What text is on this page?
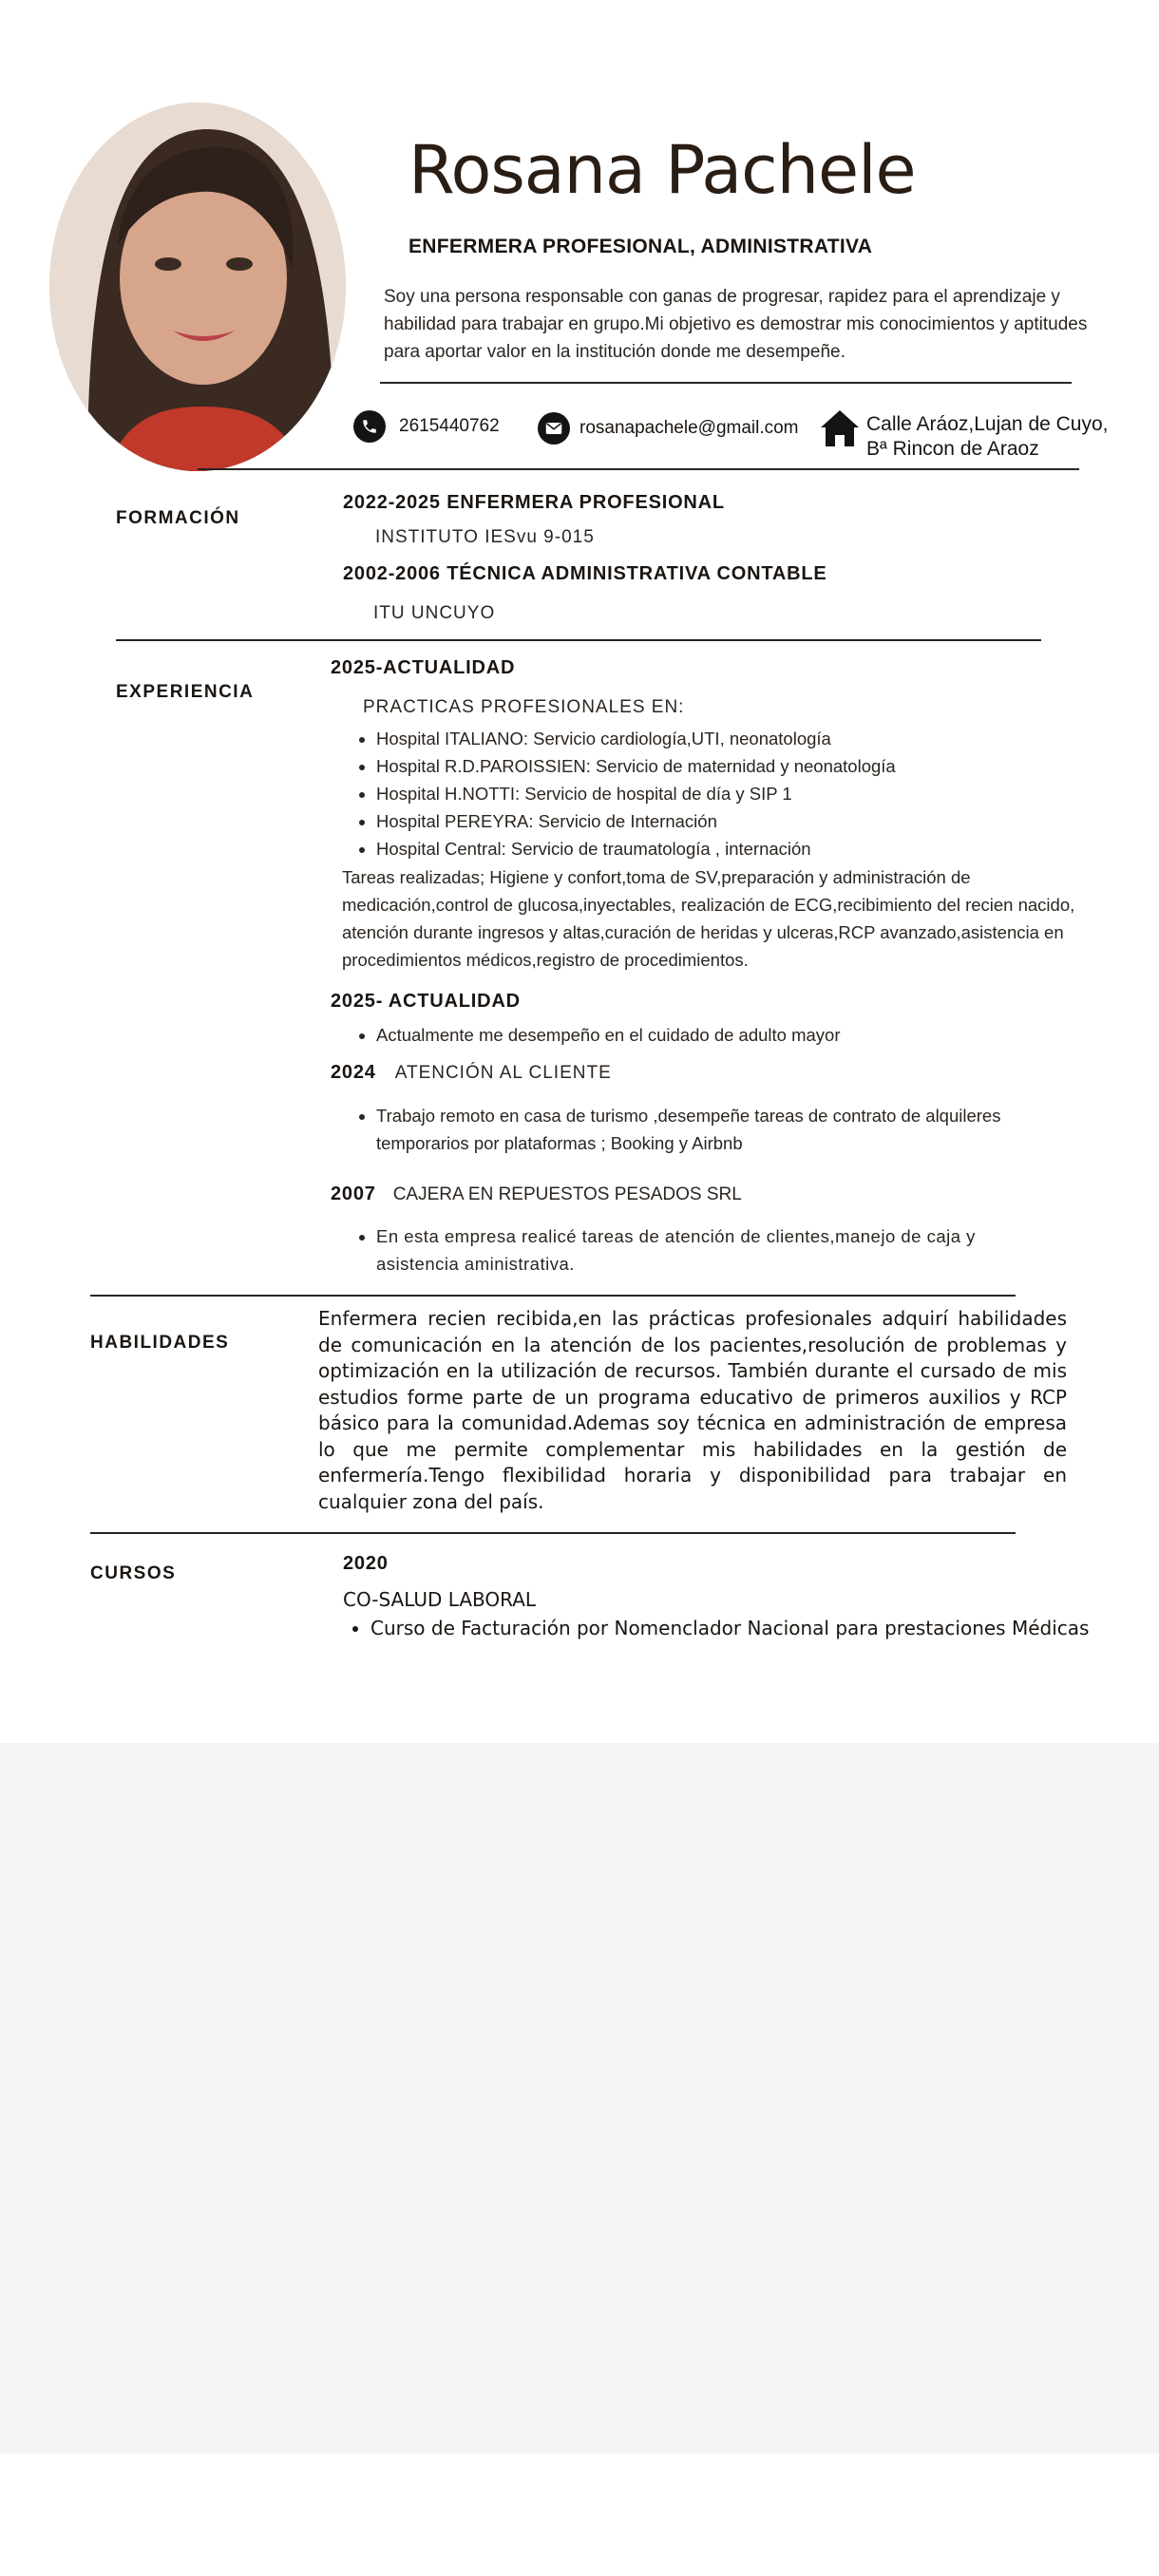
Rosana Pachele
ENFERMERA PROFESIONAL, ADMINISTRATIVA
Soy una persona responsable con ganas de progresar, rapidez para el aprendizaje y habilidad para trabajar en grupo.Mi objetivo es demostrar mis conocimientos y aptitudes para aportar valor en la institución donde me desempeñe.
2615440762	rosanapachele@gmail.com	Calle Aráoz,Lujan de Cuyo,
Bª Rincon de Araoz
FORMACIÓN
2022-2025 ENFERMERA PROFESIONAL
INSTITUTO IESvu 9-015
2002-2006 TÉCNICA ADMINISTRATIVA CONTABLE
ITU UNCUYO
EXPERIENCIA
2025-ACTUALIDAD
PRACTICAS PROFESIONALES EN:
• Hospital ITALIANO: Servicio cardiología,UTI, neonatología
• Hospital R.D.PAROISSIEN: Servicio de maternidad y neonatología
• Hospital H.NOTTI: Servicio de hospital de día y SIP 1
• Hospital PEREYRA: Servicio de Internación
• Hospital Central: Servicio de traumatología , internación
Tareas realizadas; Higiene y confort,toma de SV,preparación y administración de medicación,control de glucosa,inyectables, realización de ECG,recibimiento del recien nacido, atención durante ingresos y altas,curación de heridas y ulceras,RCP avanzado,asistencia en procedimientos médicos,registro de procedimientos.
2025- ACTUALIDAD
• Actualmente me desempeño en el cuidado de adulto mayor
2024 ATENCIÓN AL CLIENTE
• Trabajo remoto en casa de turismo ,desempeñe tareas de contrato de alquileres temporarios por plataformas ; Booking y Airbnb
2007 CAJERA EN REPUESTOS PESADOS SRL
• En esta empresa realicé tareas de atención de clientes,manejo de caja y asistencia aministrativa.
HABILIDADES
Enfermera recien recibida,en las prácticas profesionales adquirí habilidades de comunicación en la atención de los pacientes,resolución de problemas y optimización en la utilización de recursos. También durante el cursado de mis estudios forme parte de un programa educativo de primeros auxilios y RCP básico para la comunidad.Ademas soy técnica en administración de empresa lo que me permite complementar mis habilidades en la gestión de enfermería.Tengo flexibilidad horaria y disponibilidad para trabajar en cualquier zona del país.
CURSOS	2020
CO-SALUD LABORAL
• Curso de Facturación por Nomenclador Nacional para prestaciones Médicas
